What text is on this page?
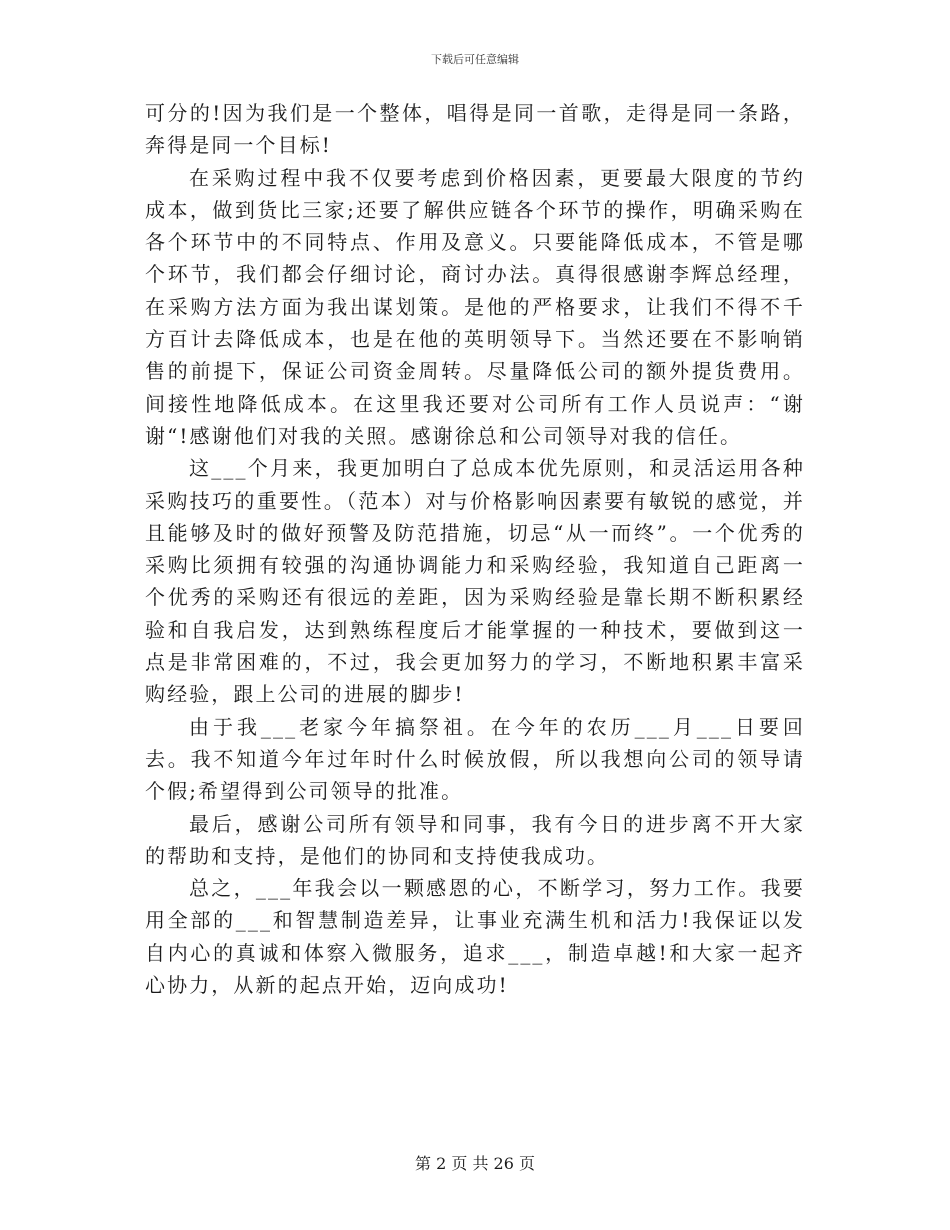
下载后可任意编辑

可分的!因为我们是一个整体，唱得是同一首歌，走得是同一条路，奔得是同一个目标!

在采购过程中我不仅要考虑到价格因素，更要最大限度的节约成本，做到货比三家;还要了解供应链各个环节的操作，明确采购在各个环节中的不同特点、作用及意义。只要能降低成本，不管是哪个环节，我们都会仔细讨论，商讨办法。真得很感谢李辉总经理，在采购方法方面为我出谋划策。是他的严格要求，让我们不得不千方百计去降低成本，也是在他的英明领导下。当然还要在不影响销售的前提下，保证公司资金周转。尽量降低公司的额外提货费用。间接性地降低成本。在这里我还要对公司所有工作人员说声：“谢谢“!感谢他们对我的关照。感谢徐总和公司领导对我的信任。

这___个月来，我更加明白了总成本优先原则，和灵活运用各种采购技巧的重要性。（范本）对与价格影响因素要有敏锐的感觉，并且能够及时的做好预警及防范措施，切忌“从一而终”。一个优秀的采购比须拥有较强的沟通协调能力和采购经验，我知道自己距离一个优秀的采购还有很远的差距，因为采购经验是靠长期不断积累经验和自我启发，达到熟练程度后才能掌握的一种技术，要做到这一点是非常困难的，不过，我会更加努力的学习，不断地积累丰富采购经验，跟上公司的进展的脚步!

由于我___老家今年搞祭祖。在今年的农历___月___日要回去。我不知道今年过年时什么时候放假，所以我想向公司的领导请个假;希望得到公司领导的批准。

最后，感谢公司所有领导和同事，我有今日的进步离不开大家的帮助和支持，是他们的协同和支持使我成功。

总之，___年我会以一颗感恩的心，不断学习，努力工作。我要用全部的___和智慧制造差异，让事业充满生机和活力!我保证以发自内心的真诚和体察入微服务，追求___，制造卓越!和大家一起齐心协力，从新的起点开始，迈向成功!

第 2 页 共 26 页
